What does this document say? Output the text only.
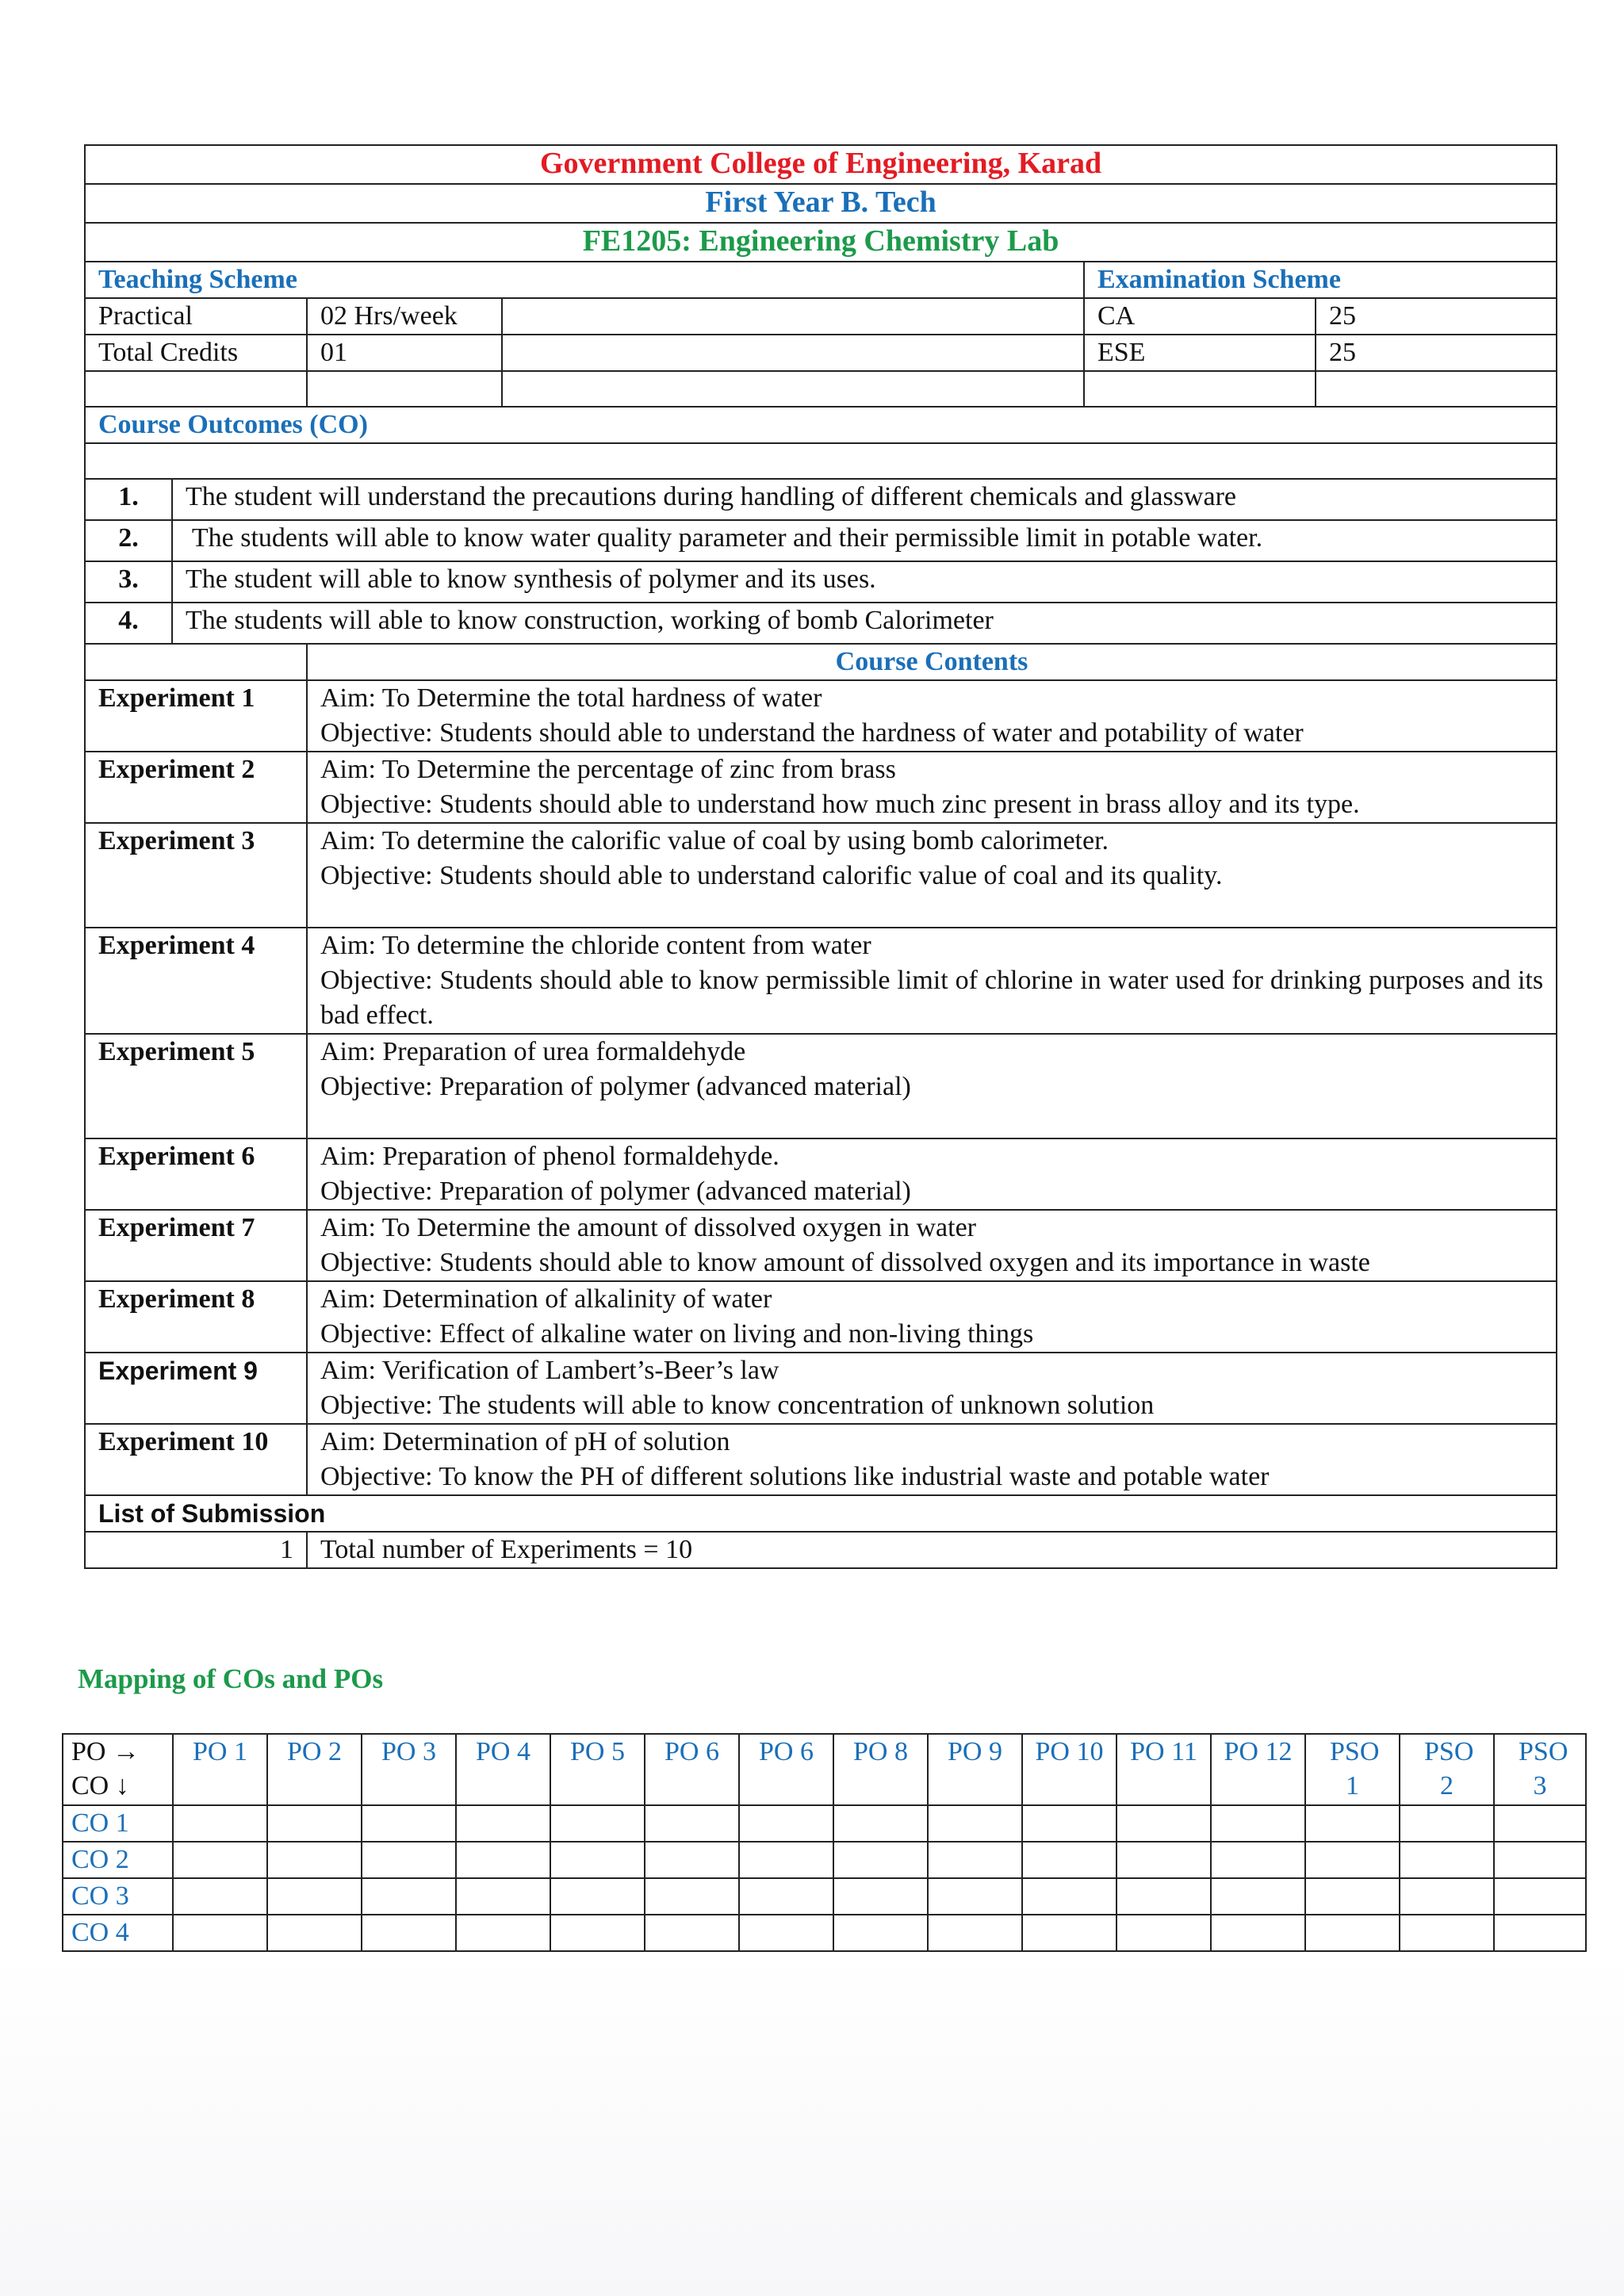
Government College of Engineering, Karad					
First Year B. Tech					
FE1205: Engineering Chemistry Lab					
Teaching Scheme				Examination Scheme	
Practical		02 Hrs/week		CA	25
Total Credits		01		ESE	25

Course Outcomes (CO)					

1.	The student will understand the precautions during handling of different chemicals and glassware				
2.	The students will able to know water quality parameter and their permissible limit in potable water.				
3.	The student will able to know synthesis of polymer and its uses.				
4.	The students will able to know construction, working of bomb Calorimeter				
		Course Contents			
Experiment 1		Aim: To Determine the total hardness of water
Objective: Students should able to understand the hardness of water and potability of water			

Experiment 2		Aim: To Determine the percentage of zinc from brass
Objective: Students should able to understand how much zinc present in brass alloy and its type.			

Experiment 3		Aim: To determine the calorific value of coal by using bomb calorimeter.
Objective: Students should able to understand calorific value of coal and its quality.			

Experiment 4		Aim: To determine the chloride content from water
Objective: Students should able to know permissible limit of chlorine in water used for drinking purposes and its bad effect.			

Experiment 5		Aim: Preparation of urea formaldehyde
Objective: Preparation of polymer (advanced material)			

Experiment 6		Aim: Preparation of phenol formaldehyde.
Objective: Preparation of polymer (advanced material)			

Experiment 7		Aim: To Determine the amount of dissolved oxygen in water
Objective: Students should able to know amount of dissolved oxygen and its importance in waste			

Experiment 8		Aim: Determination of alkalinity of water
Objective: Effect of alkaline water on living and non-living things			

Experiment 9		Aim: Verification of Lambert’s-Beer’s law
Objective: The students will able to know concentration of unknown solution			

Experiment 10		Aim: Determination of pH of solution
Objective: To know the PH of different solutions like industrial waste and potable water			

List of Submission					
1		Total number of Experiments = 10			
Mapping of COs and POs
PO →
CO ↓	PO 1	PO 2	PO 3	PO 4	PO 5	PO 6	PO 6	PO 8	PO 9	PO 10	PO 11	PO 12	PSO 1	PSO 2	PSO 3
CO 1															
CO 2															
CO 3															
CO 4															
